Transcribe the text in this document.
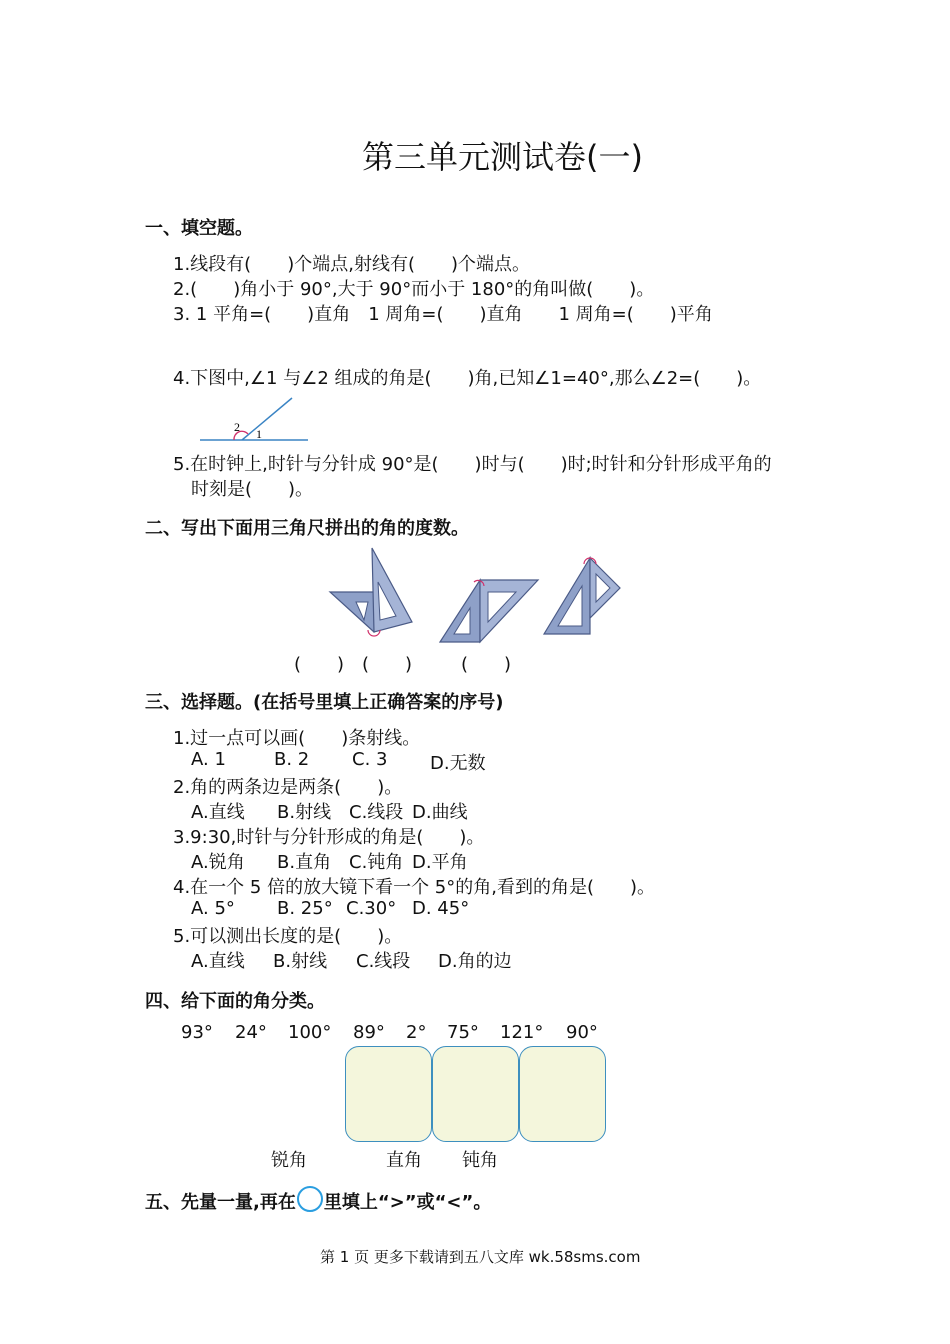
第三单元测试卷(一)
一、填空题。
1.线段有(　　)个端点,射线有(　　)个端点。
2.(　　)角小于 90°,大于 90°而小于 180°的角叫做(　　)。
3. 1 平角=(　　)直角　1 周角=(　　)直角　　1 周角=(　　)平角
4.下图中,∠1 与∠2 组成的角是(　　)角,已知∠1=40°,那么∠2=(　　)。
2 1
5.在时钟上,时针与分针成 90°是(　　)时与(　　)时;时针和分针形成平角的
时刻是(　　)。
二、写出下面用三角尺拼出的角的度数。
(　　) (　　)	(　　)
三、选择题。(在括号里填上正确答案的序号)
1.过一点可以画(　　)条射线。
A. 1	B. 2 C. 3 D.无数
2.角的两条边是两条(　　)。
A.直线 B.射线 C.线段 D.曲线
3.9:30,时针与分针形成的角是(　　)。
A.锐角 B.直角 C.钝角 D.平角
4.在一个 5 倍的放大镜下看一个 5°的角,看到的角是(　　)。
A. 5° B. 25° C.30° D. 45°
5.可以测出长度的是(　　)。
A.直线 B.射线 C.线段 D.角的边
四、给下面的角分类。
93° 24° 100° 89° 2° 75° 121° 90°
锐角	直角 钝角
五、先量一量,再在 里填上“>”或“<”。
第 1 页 更多下载请到五八文库 wk.58sms.com
